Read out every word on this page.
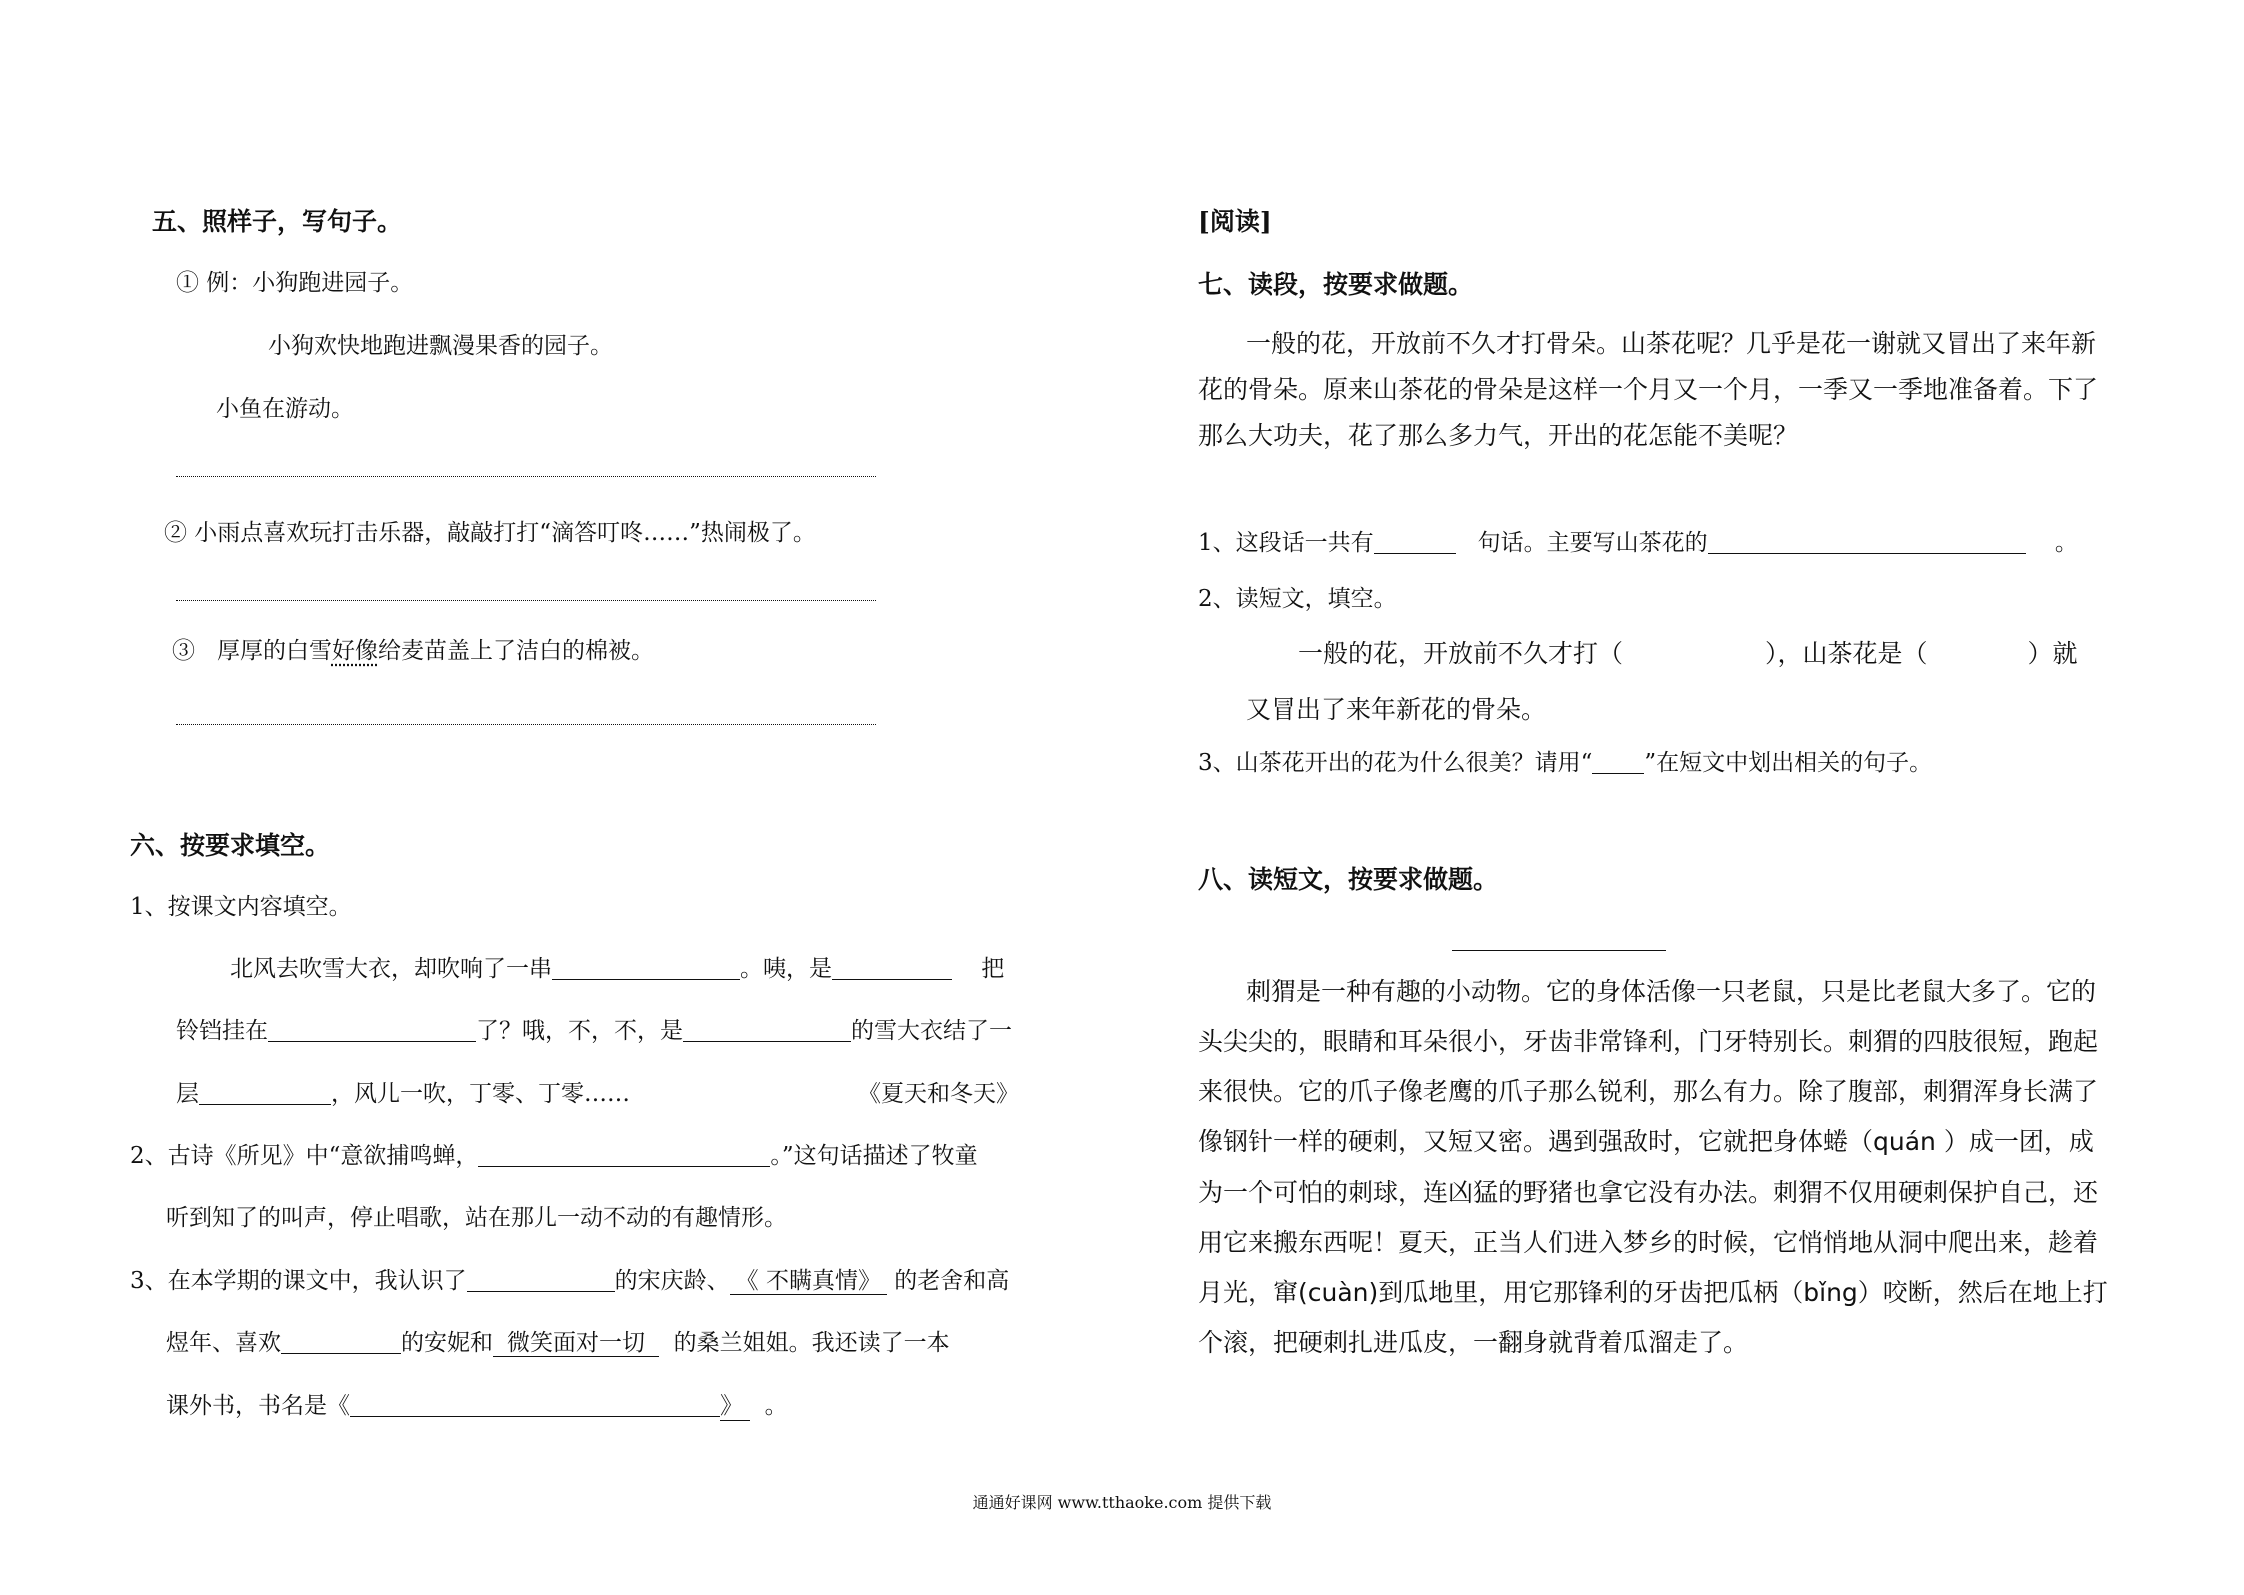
五、照样子，写句子。
① 例：小狗跑进园子。
小狗欢快地跑进飘漫果香的园子。
小鱼在游动。
② 小雨点喜欢玩打击乐器，敲敲打打“滴答叮咚……”热闹极了。
③ 厚厚的白雪好像给麦苗盖上了洁白的棉被。
六、按要求填空。
1、按课文内容填空。
北风去吹雪大衣，却吹响了一串	。咦，是	把
铃铛挂在	了？哦，不，不，是	的雪大衣结了一
层	，风儿一吹，丁零、丁零……	《夏天和冬天》
2、古诗《所见》中“意欲捕鸣蝉，	。”这句话描述了牧童
听到知了的叫声，停止唱歌，站在那儿一动不动的有趣情形。
3、在本学期的课文中，我认识了	的宋庆龄、 《 不瞒真情》 的老舍和高
煜年、喜欢	的安妮和 微笑面对一切 的桑兰姐姐。我还读了一本
课外书，书名是《	》 。
[阅读]
七、读段，按要求做题。
一般的花，开放前不久才打骨朵。山茶花呢？几乎是花一谢就又冒出了来年新
花的骨朵。原来山茶花的骨朵是这样一个月又一个月，一季又一季地准备着。下了
那么大功夫，花了那么多力气，开出的花怎能不美呢？
1、这段话一共有	句话。主要写山茶花的	。
2、读短文，填空。
一般的花，开放前不久才打（	），山茶花是（	）就
又冒出了来年新花的骨朵。
3、山茶花开出的花为什么很美？请用“ ”在短文中划出相关的句子。
八、读短文，按要求做题。
刺猬是一种有趣的小动物。它的身体活像一只老鼠，只是比老鼠大多了。它的
头尖尖的，眼睛和耳朵很小，牙齿非常锋利，门牙特别长。刺猬的四肢很短，跑起
来很快。它的爪子像老鹰的爪子那么锐利，那么有力。除了腹部，刺猬浑身长满了
像钢针一样的硬刺，又短又密。遇到强敌时，它就把身体蜷（quán ）成一团，成
为一个可怕的刺球，连凶猛的野猪也拿它没有办法。刺猬不仅用硬刺保护自己，还
用它来搬东西呢！夏天，正当人们进入梦乡的时候，它悄悄地从洞中爬出来，趁着
月光，窜(cuàn)到瓜地里，用它那锋利的牙齿把瓜柄（bǐng）咬断，然后在地上打
个滚，把硬刺扎进瓜皮，一翻身就背着瓜溜走了。
通通好课网 www.tthaoke.com 提供下载
